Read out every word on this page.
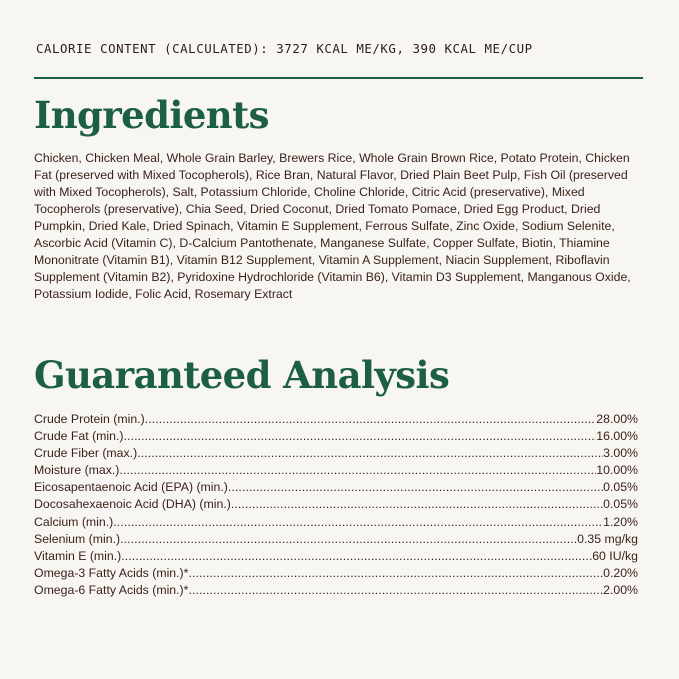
CALORIE CONTENT (CALCULATED): 3727 KCAL ME/KG, 390 KCAL ME/CUP
Ingredients
Chicken, Chicken Meal, Whole Grain Barley, Brewers Rice, Whole Grain Brown Rice, Potato Protein, Chicken Fat (preserved with Mixed Tocopherols), Rice Bran, Natural Flavor, Dried Plain Beet Pulp, Fish Oil (preserved with Mixed Tocopherols), Salt, Potassium Chloride, Choline Chloride, Citric Acid (preservative), Mixed Tocopherols (preservative), Chia Seed, Dried Coconut, Dried Tomato Pomace, Dried Egg Product, Dried Pumpkin, Dried Kale, Dried Spinach, Vitamin E Supplement, Ferrous Sulfate, Zinc Oxide, Sodium Selenite, Ascorbic Acid (Vitamin C), D-Calcium Pantothenate, Manganese Sulfate, Copper Sulfate, Biotin, Thiamine Mononitrate (Vitamin B1), Vitamin B12 Supplement, Vitamin A Supplement, Niacin Supplement, Riboflavin Supplement (Vitamin B2), Pyridoxine Hydrochloride (Vitamin B6), Vitamin D3 Supplement, Manganous Oxide, Potassium Iodide, Folic Acid, Rosemary Extract
Guaranteed Analysis
Crude Protein (min.) .....	28.00%
Crude Fat (min.) .....	16.00%
Crude Fiber (max.) .....	3.00%
Moisture (max.) .....	10.00%
Eicosapentaenoic Acid (EPA) (min.) .....	0.05%
Docosahexaenoic Acid (DHA) (min.) .....	0.05%
Calcium (min.) .....	1.20%
Selenium (min.) .....	0.35 mg/kg
Vitamin E (min.) .....	60 IU/kg
Omega-3 Fatty Acids (min.)* .....	0.20%
Omega-6 Fatty Acids (min.)* .....	2.00%
